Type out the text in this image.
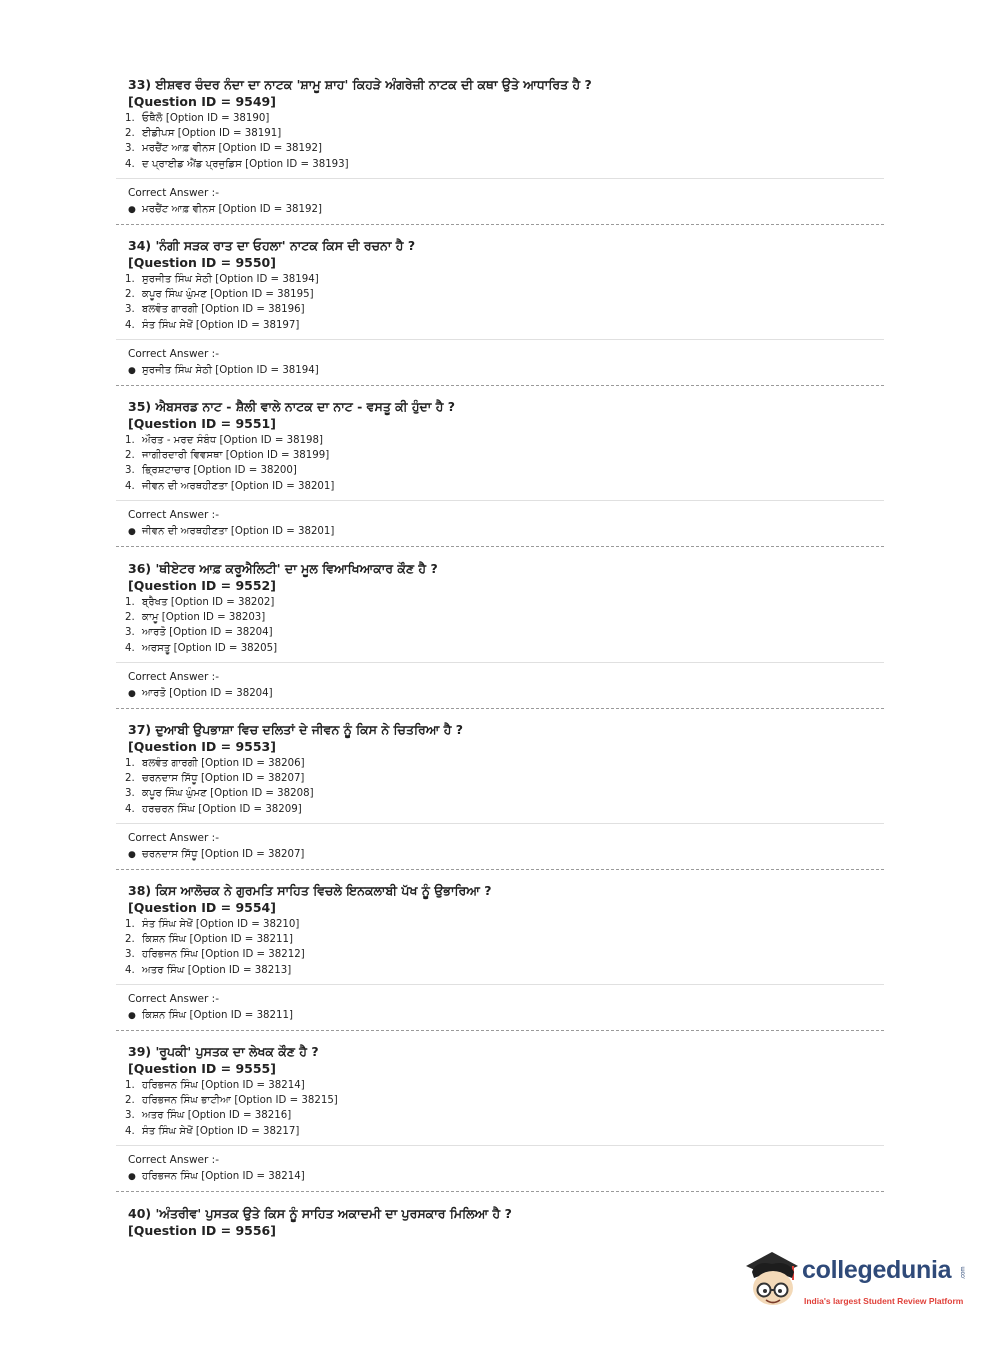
33) ਈਸ਼ਵਰ ਚੰਦਰ ਨੰਦਾ ਦਾ ਨਾਟਕ 'ਸ਼ਾਮੂ ਸ਼ਾਹ' ਕਿਹੜੇ ਅੰਗਰੇਜ਼ੀ ਨਾਟਕ ਦੀ ਕਥਾ ਉਤੇ ਆਧਾਰਿਤ ਹੈ ?
[Question ID = 9549]
1. ਓਥੈਲੋ [Option ID = 38190]
2. ਈਡੀਪਸ [Option ID = 38191]
3. ਮਰਚੈਂਟ ਆਫ਼ ਵੀਨਸ [Option ID = 38192]
4. ਦ ਪ੍ਰਾਈਡ ਐਂਡ ਪ੍ਰਜੁਡਿਸ [Option ID = 38193]
Correct Answer :-
● ਮਰਚੈਂਟ ਆਫ਼ ਵੀਨਸ [Option ID = 38192]
34) 'ਨੰਗੀ ਸੜਕ ਰਾਤ ਦਾ ਓਹਲਾ' ਨਾਟਕ ਕਿਸ ਦੀ ਰਚਨਾ ਹੈ ?
[Question ID = 9550]
1. ਸੁਰਜੀਤ ਸਿੰਘ ਸੇਠੀ [Option ID = 38194]
2. ਕਪੂਰ ਸਿੰਘ ਘੁੰਮਣ [Option ID = 38195]
3. ਬਲਵੰਤ ਗਾਰਗੀ [Option ID = 38196]
4. ਸੰਤ ਸਿੰਘ ਸੇਖੋਂ [Option ID = 38197]
Correct Answer :-
● ਸੁਰਜੀਤ ਸਿੰਘ ਸੇਠੀ [Option ID = 38194]
35) ਐਬਸਰਡ ਨਾਟ - ਸ਼ੈਲੀ ਵਾਲੇ ਨਾਟਕ ਦਾ ਨਾਟ - ਵਸਤੂ ਕੀ ਹੁੰਦਾ ਹੈ ?
[Question ID = 9551]
1. ਔਰਤ - ਮਰਦ ਸੰਬੰਧ [Option ID = 38198]
2. ਜਾਗੀਰਦਾਰੀ ਵਿਵਸਥਾ [Option ID = 38199]
3. ਭ੍ਰਿਸ਼ਟਾਚਾਰ [Option ID = 38200]
4. ਜੀਵਨ ਦੀ ਅਰਥਹੀਣਤਾ [Option ID = 38201]
Correct Answer :-
● ਜੀਵਨ ਦੀ ਅਰਥਹੀਣਤਾ [Option ID = 38201]
36) 'ਥੀਏਟਰ ਆਫ਼ ਕਰੂਐਲਿਟੀ' ਦਾ ਮੂਲ ਵਿਆਖਿਆਕਾਰ ਕੌਣ ਹੈ ?
[Question ID = 9552]
1. ਬ੍ਰੈਖਤ [Option ID = 38202]
2. ਕਾਮੂ [Option ID = 38203]
3. ਆਰਤੋ [Option ID = 38204]
4. ਅਰਸਤੂ [Option ID = 38205]
Correct Answer :-
● ਆਰਤੋ [Option ID = 38204]
37) ਦੁਆਬੀ ਉਪਭਾਸ਼ਾ ਵਿਚ ਦਲਿਤਾਂ ਦੇ ਜੀਵਨ ਨੂੰ ਕਿਸ ਨੇ ਚਿਤਰਿਆ ਹੈ ?
[Question ID = 9553]
1. ਬਲਵੰਤ ਗਾਰਗੀ [Option ID = 38206]
2. ਚਰਨਦਾਸ ਸਿੱਧੂ [Option ID = 38207]
3. ਕਪੂਰ ਸਿੰਘ ਘੁੰਮਣ [Option ID = 38208]
4. ਹਰਚਰਨ ਸਿੰਘ [Option ID = 38209]
Correct Answer :-
● ਚਰਨਦਾਸ ਸਿੱਧੂ [Option ID = 38207]
38) ਕਿਸ ਆਲੋਚਕ ਨੇ ਗੁਰਮਤਿ ਸਾਹਿਤ ਵਿਚਲੇ ਇਨਕਲਾਬੀ ਪੱਖ ਨੂੰ ਉਭਾਰਿਆ ?
[Question ID = 9554]
1. ਸੰਤ ਸਿੰਘ ਸੇਖੋਂ [Option ID = 38210]
2. ਕਿਸ਼ਨ ਸਿੰਘ [Option ID = 38211]
3. ਹਰਿਭਜਨ ਸਿੰਘ [Option ID = 38212]
4. ਅਤਰ ਸਿੰਘ [Option ID = 38213]
Correct Answer :-
● ਕਿਸ਼ਨ ਸਿੰਘ [Option ID = 38211]
39) 'ਰੂਪਕੀ' ਪੁਸਤਕ ਦਾ ਲੇਖਕ ਕੌਣ ਹੈ ?
[Question ID = 9555]
1. ਹਰਿਭਜਨ ਸਿੰਘ [Option ID = 38214]
2. ਹਰਿਭਜਨ ਸਿੰਘ ਭਾਟੀਆ [Option ID = 38215]
3. ਅਤਰ ਸਿੰਘ [Option ID = 38216]
4. ਸੰਤ ਸਿੰਘ ਸੇਖੋਂ [Option ID = 38217]
Correct Answer :-
● ਹਰਿਭਜਨ ਸਿੰਘ [Option ID = 38214]
40) 'ਅੰਤਰੀਵ' ਪੁਸਤਕ ਉਤੇ ਕਿਸ ਨੂੰ ਸਾਹਿਤ ਅਕਾਦਮੀ ਦਾ ਪੁਰਸਕਾਰ ਮਿਲਿਆ ਹੈ ?
[Question ID = 9556]
collegedunia .com
India's largest Student Review Platform
